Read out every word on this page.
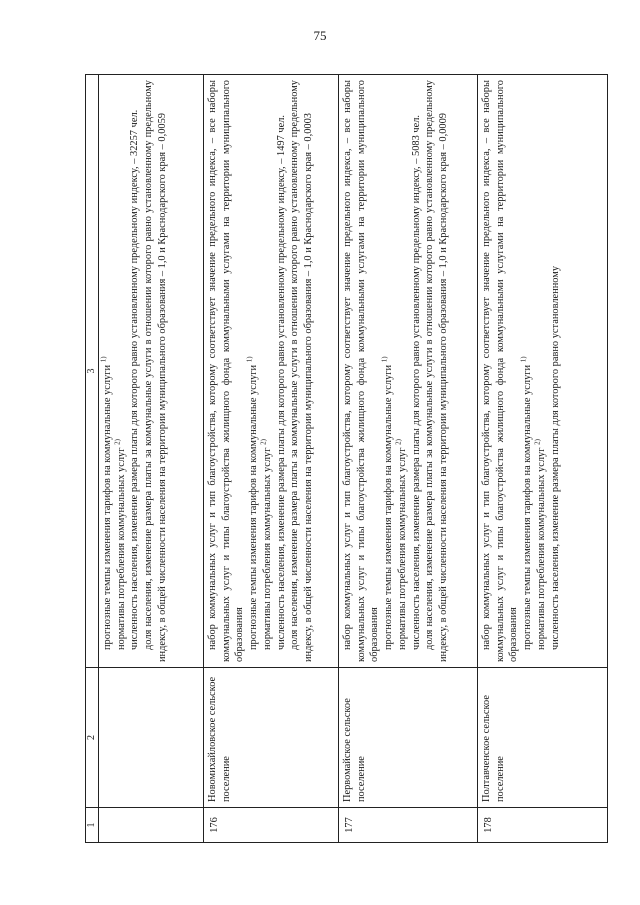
75
1	2	3

		прогнозные темпы изменения тарифов на коммунальные услуги $^{1)}$

нормативы потребления коммунальных услуг $^{2)}$ численность населения, изменение размера платы для которого равно установленному предельному индексу, – 32257 чел. доля населения, изменение размера платы за коммунальные услуги в отношении которого равно установленному предельному индексу, в общей численности населения на территории муниципального образования – 1,0 и Краснодарского края – 0,0059

176	Новомихайловское сельское поселение	набор коммунальных услуг и тип благоустройства, которому соответствует значение предельного индекса, – все наборы коммунальных услуг и типы благоустройства жилищного фонда коммунальными услугами на территории муниципального образования прогнозные темпы изменения тарифов на коммунальные услуги $^{1)}$

нормативы потребления коммунальных услуг $^{2)}$ численность населения, изменение размера платы для которого равно установленному предельному индексу, – 1497 чел. доля населения, изменение размера платы за коммунальные услуги в отношении которого равно установленному предельному индексу, в общей численности населения на территории муниципального образования – 1,0 и Краснодарского края – 0,0003

177	Первомайское сельское поселение	набор коммунальных услуг и тип благоустройства, которому соответствует значение предельного индекса, – все наборы коммунальных услуг и типы благоустройства жилищного фонда коммунальными услугами на территории муниципального образования прогнозные темпы изменения тарифов на коммунальные услуги $^{1)}$

нормативы потребления коммунальных услуг $^{2)}$ численность населения, изменение размера платы для которого равно установленному предельному индексу, – 5083 чел. доля населения, изменение размера платы за коммунальные услуги в отношении которого равно установленному предельному индексу, в общей численности населения на территории муниципального образования – 1,0 и Краснодарского края – 0,0009

178	Полтавченское сельское поселение	набор коммунальных услуг и тип благоустройства, которому соответствует значение предельного индекса, – все наборы коммунальных услуг и типы благоустройства жилищного фонда коммунальными услугами на территории муниципального образования прогнозные темпы изменения тарифов на коммунальные услуги $^{1)}$

нормативы потребления коммунальных услуг $^{2)}$ численность населения, изменение размера платы для которого равно установленному
